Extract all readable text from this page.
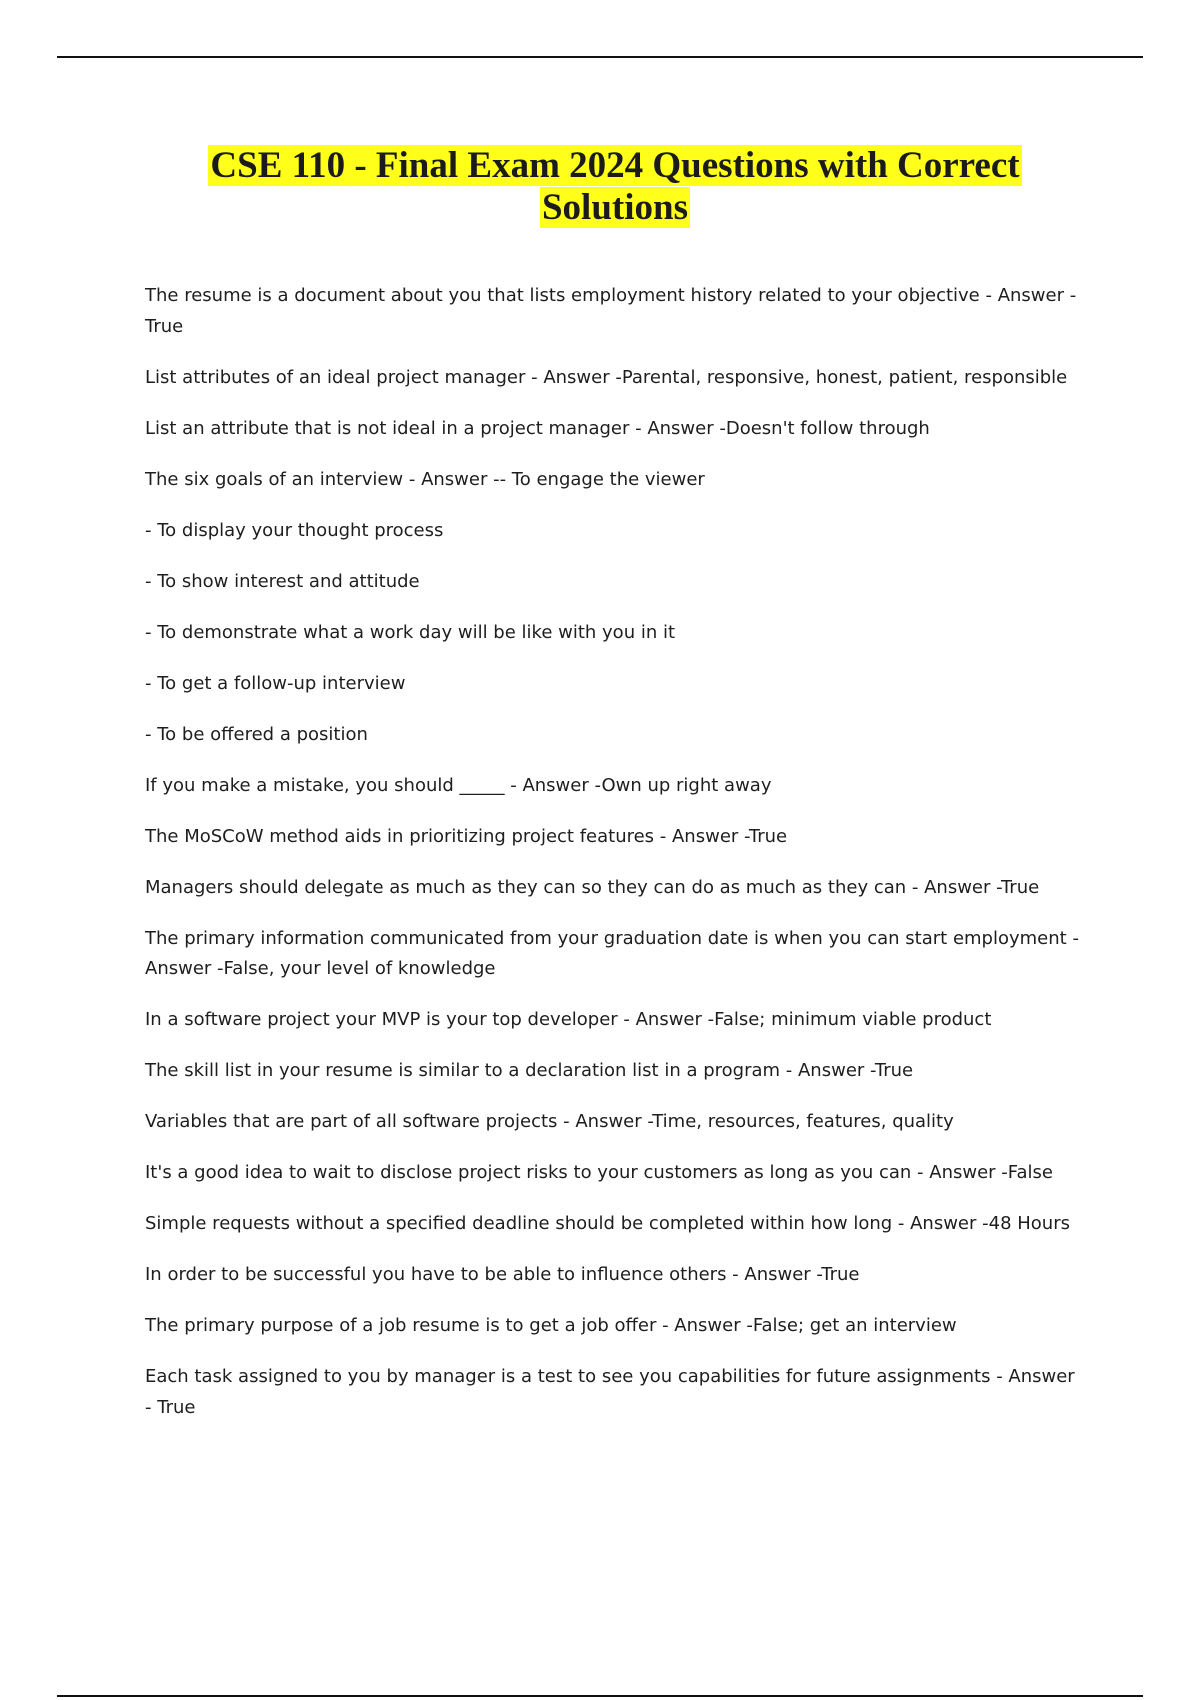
CSE 110 - Final Exam 2024 Questions with Correct
Solutions

The resume is a document about you that lists employment history related to your objective - Answer - True

List attributes of an ideal project manager - Answer -Parental, responsive, honest, patient, responsible

List an attribute that is not ideal in a project manager - Answer -Doesn't follow through

The six goals of an interview - Answer -- To engage the viewer

- To display your thought process

- To show interest and attitude

- To demonstrate what a work day will be like with you in it

- To get a follow-up interview

- To be offered a position

If you make a mistake, you should _____ - Answer -Own up right away

The MoSCoW method aids in prioritizing project features - Answer -True

Managers should delegate as much as they can so they can do as much as they can - Answer -True

The primary information communicated from your graduation date is when you can start employment - Answer -False, your level of knowledge

In a software project your MVP is your top developer - Answer -False; minimum viable product

The skill list in your resume is similar to a declaration list in a program - Answer -True

Variables that are part of all software projects - Answer -Time, resources, features, quality

It's a good idea to wait to disclose project risks to your customers as long as you can - Answer -False

Simple requests without a specified deadline should be completed within how long - Answer -48 Hours

In order to be successful you have to be able to influence others - Answer -True

The primary purpose of a job resume is to get a job offer - Answer -False; get an interview

Each task assigned to you by manager is a test to see you capabilities for future assignments - Answer - True
